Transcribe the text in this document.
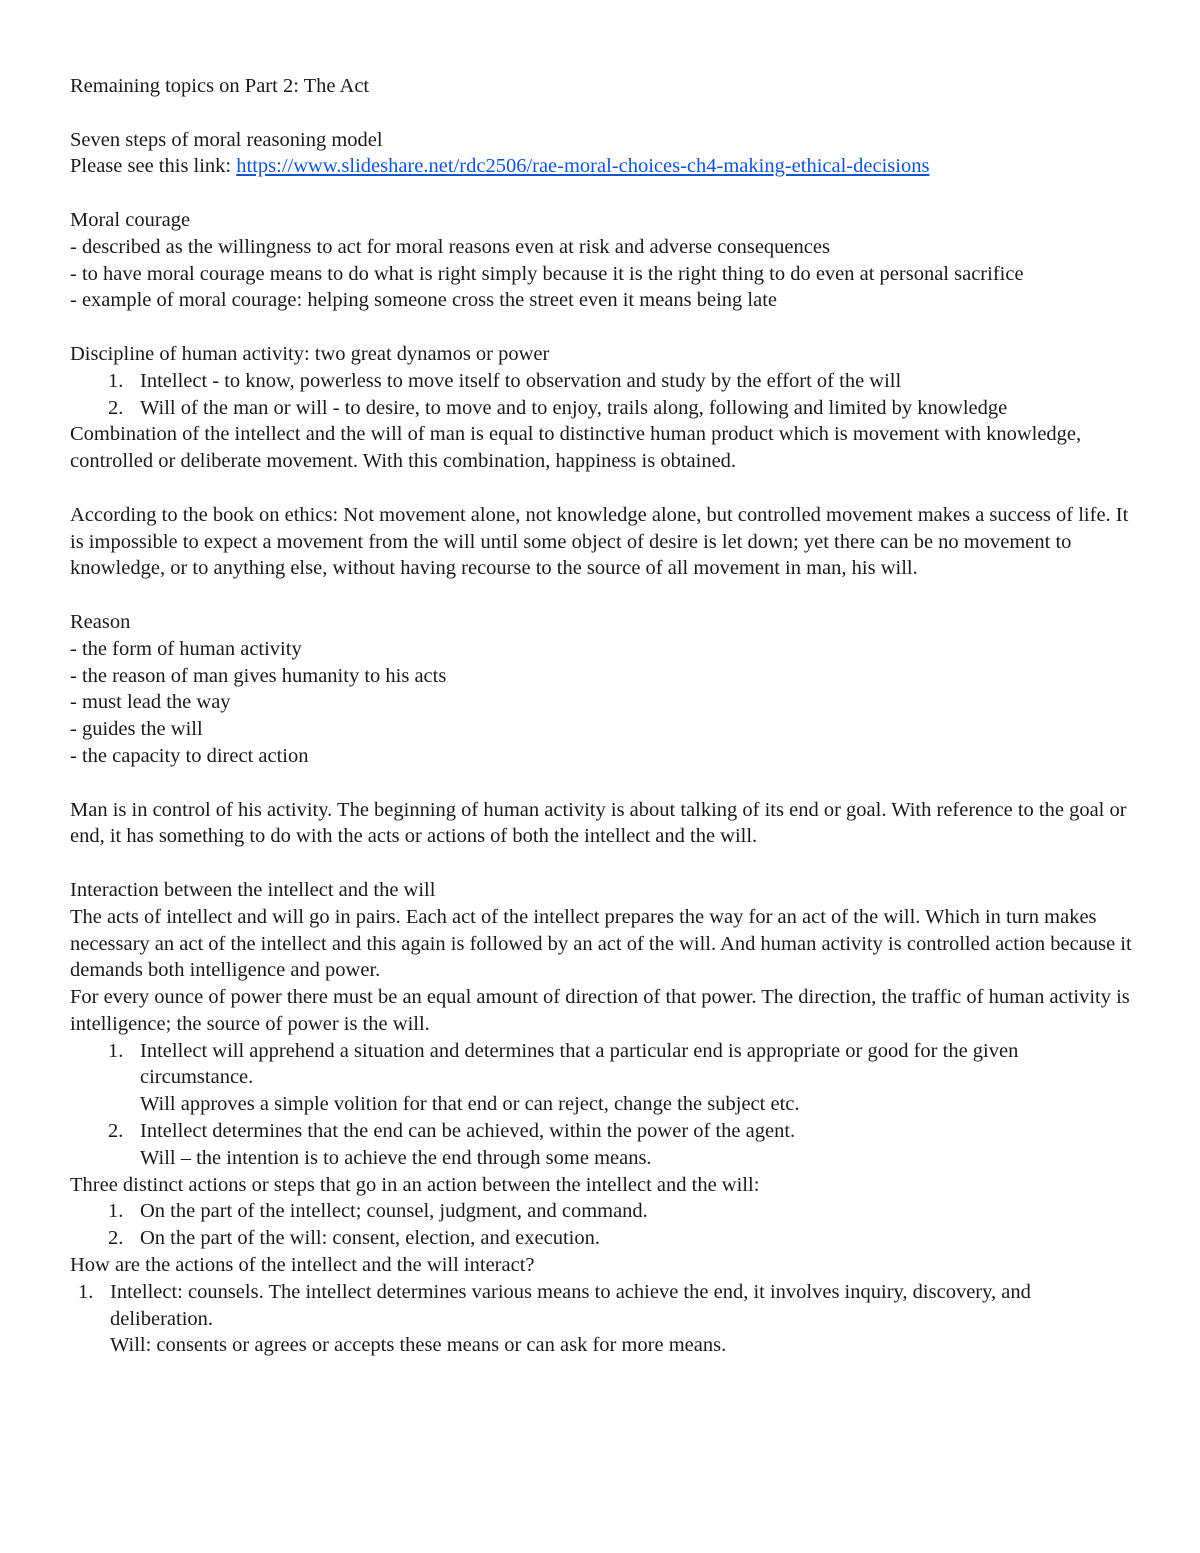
Remaining topics on Part 2: The Act

Seven steps of moral reasoning model

Please see this link: https://www.slideshare.net/rdc2506/rae-moral-choices-ch4-making-ethical-decisions

Moral courage

- described as the willingness to act for moral reasons even at risk and adverse consequences

- to have moral courage means to do what is right simply because it is the right thing to do even at personal sacrifice

- example of moral courage: helping someone cross the street even it means being late

Discipline of human activity: two great dynamos or power

1. Intellect - to know, powerless to move itself to observation and study by the effort of the will
2. Will of the man or will - to desire, to move and to enjoy, trails along, following and limited by knowledge

Combination of the intellect and the will of man is equal to distinctive human product which is movement with knowledge, controlled or deliberate movement. With this combination, happiness is obtained.

According to the book on ethics: Not movement alone, not knowledge alone, but controlled movement makes a success of life. It is impossible to expect a movement from the will until some object of desire is let down; yet there can be no movement to knowledge, or to anything else, without having recourse to the source of all movement in man, his will.

Reason

- the form of human activity

- the reason of man gives humanity to his acts

- must lead the way

- guides the will

- the capacity to direct action

Man is in control of his activity. The beginning of human activity is about talking of its end or goal. With reference to the goal or end, it has something to do with the acts or actions of both the intellect and the will.

Interaction between the intellect and the will

The acts of intellect and will go in pairs. Each act of the intellect prepares the way for an act of the will. Which in turn makes necessary an act of the intellect and this again is followed by an act of the will. And human activity is controlled action because it demands both intelligence and power.

For every ounce of power there must be an equal amount of direction of that power. The direction, the traffic of human activity is intelligence; the source of power is the will.

1. Intellect will apprehend a situation and determines that a particular end is appropriate or good for the given circumstance.
Will approves a simple volition for that end or can reject, change the subject etc.
2. Intellect determines that the end can be achieved, within the power of the agent.
Will – the intention is to achieve the end through some means.

Three distinct actions or steps that go in an action between the intellect and the will:

1. On the part of the intellect; counsel, judgment, and command.
2. On the part of the will: consent, election, and execution.

How are the actions of the intellect and the will interact?

1. Intellect: counsels. The intellect determines various means to achieve the end, it involves inquiry, discovery, and deliberation.
Will: consents or agrees or accepts these means or can ask for more means.
